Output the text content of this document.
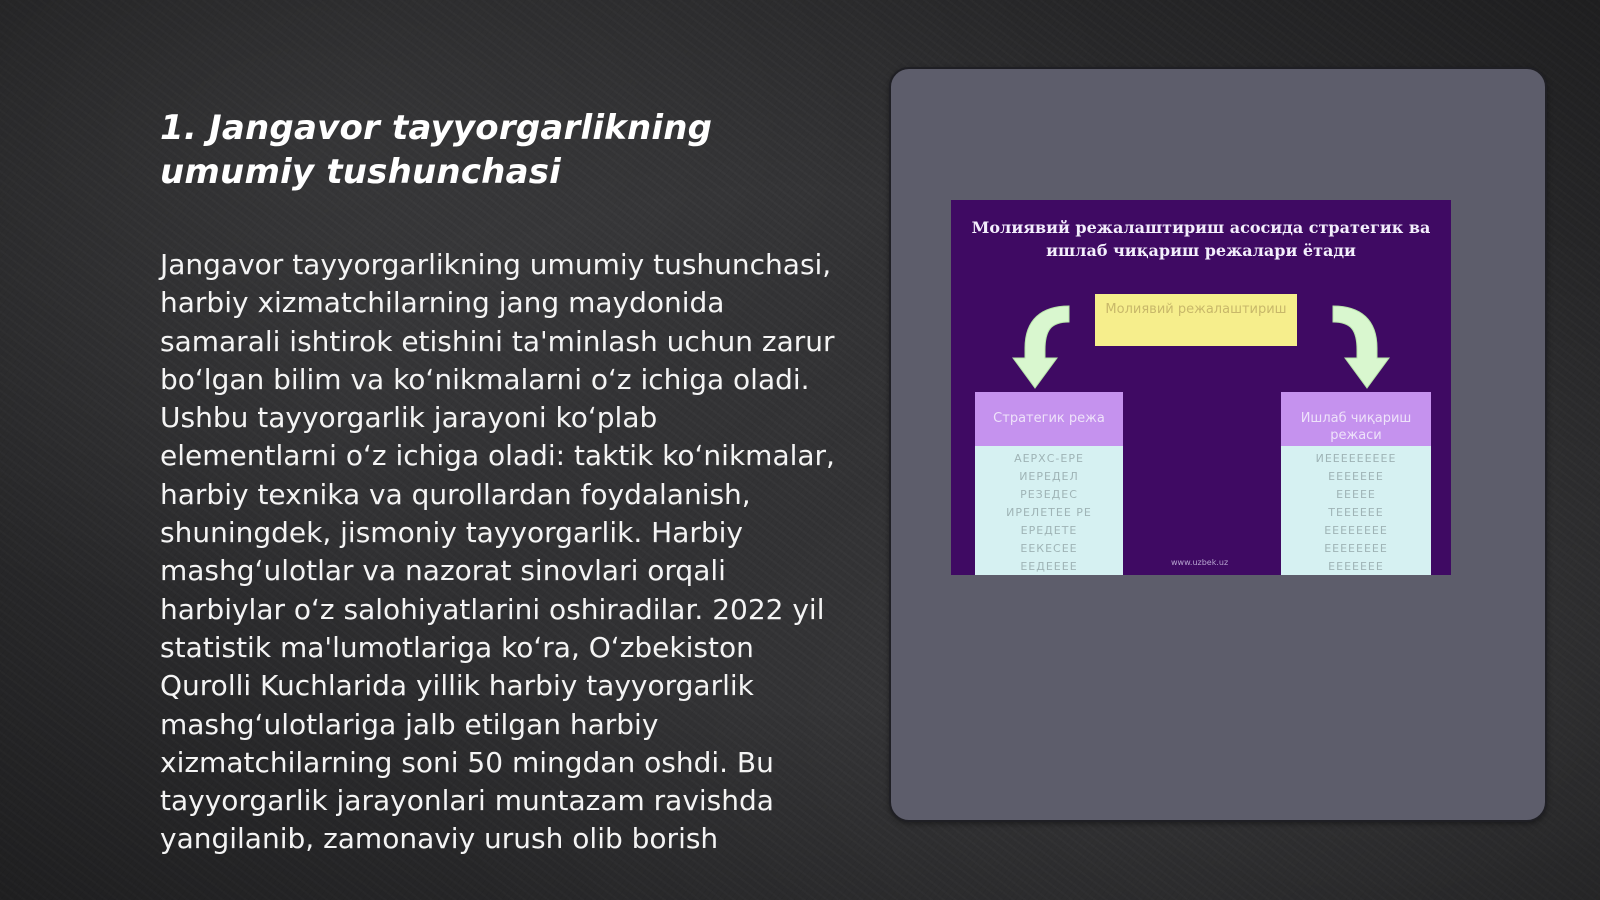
1. Jangavor tayyorgarlikning umumiy tushunchasi

Jangavor tayyorgarlikning umumiy tushunchasi, harbiy xizmatchilarning jang maydonida samarali ishtirok etishini ta'minlash uchun zarur boʻlgan bilim va koʻnikmalarni oʻz ichiga oladi. Ushbu tayyorgarlik jarayoni koʻplab elementlarni oʻz ichiga oladi: taktik koʻnikmalar, harbiy texnika va qurollardan foydalanish, shuningdek, jismoniy tayyorgarlik. Harbiy mashgʻulotlar va nazorat sinovlari orqali harbiylar oʻz salohiyatlarini oshiradilar. 2022 yil statistik ma'lumotlariga koʻra, Oʻzbekiston Qurolli Kuchlarida yillik harbiy tayyorgarlik mashgʻulotlariga jalb etilgan harbiy xizmatchilarning soni 50 mingdan oshdi. Bu tayyorgarlik jarayonlari muntazam ravishda yangilanib, zamonaviy urush olib borish

Молиявий режалаштириш асосида стратегик ва ишлаб чиқариш режалари ётади
Молиявий режалаштириш
Стратегик режа
АЕРХС-ЕРЕ
ИЕРЕДЕЛ
РЕЗЕДЕС
ИРЕЛЕТЕЕ РЕ
ЕРЕДЕТЕ
ЕЕКЕСЕЕ
ЕЕДЕЕЕЕ
Ишлаб чиқариш режаси
ИЕЕЕЕЕЕЕЕЕ
ЕЕЕЕЕЕЕ
ЕЕЕЕЕ
ТЕЕЕЕЕЕ
ЕЕЕЕЕЕЕЕ
ЕЕЕЕЕЕЕЕ
ЕЕЕЕЕЕЕ
www.uzbek.uz
